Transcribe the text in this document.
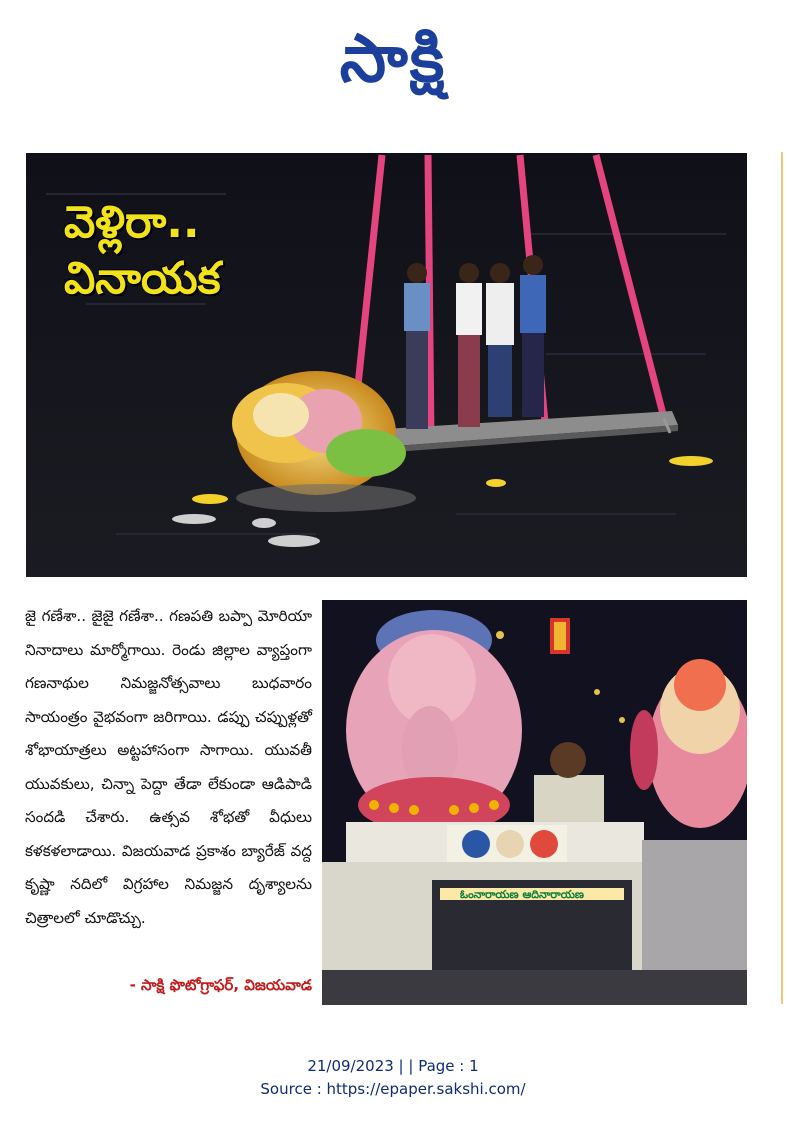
సాక్షి
వెళ్లిరా..
వినాయక

జై గణేశా.. జైజై గణేశా.. గణపతి బప్పా మోరియా నినాదాలు మార్మోగాయి. రెండు జిల్లాల వ్యాప్తంగా గణనాథుల నిమజ్జనోత్సవాలు బుధవారం సాయంత్రం వైభవంగా జరిగాయి. డప్పు చప్పుళ్లతో శోభాయాత్రలు అట్టహాసంగా సాగాయి. యువతీ యువకులు, చిన్నా పెద్దా తేడా లేకుండా ఆడిపాడి సందడి చేశారు. ఉత్సవ శోభతో వీధులు కళకళలాడాయి. విజయవాడ ప్రకాశం బ్యారేజ్ వద్ద కృష్ణా నదిలో విగ్రహాల నిమజ్జన దృశ్యాలను చిత్రాలలో చూడొచ్చు.

- సాక్షి ఫొటోగ్రాఫర్, విజయవాడ
ఓంనారాయణ ఆదినారాయణ
21/09/2023 | | Page : 1
Source : https://epaper.sakshi.com/
